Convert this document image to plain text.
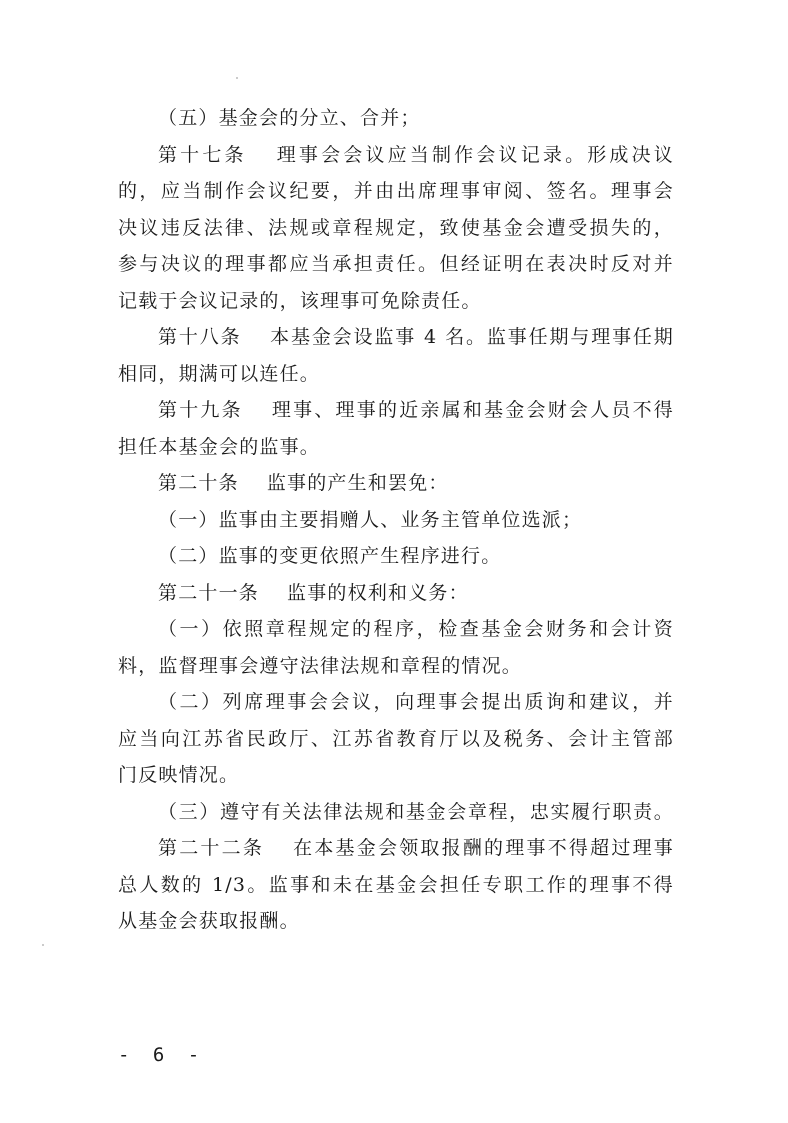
（五）基金会的分立、合并；
第十七条 理事会会议应当制作会议记录。形成决议
的，应当制作会议纪要，并由出席理事审阅、签名。理事会
决议违反法律、法规或章程规定，致使基金会遭受损失的，
参与决议的理事都应当承担责任。但经证明在表决时反对并
记载于会议记录的，该理事可免除责任。
第十八条 本基金会设监事 4 名。监事任期与理事任期
相同，期满可以连任。
第十九条 理事、理事的近亲属和基金会财会人员不得
担任本基金会的监事。
第二十条 监事的产生和罢免：
（一）监事由主要捐赠人、业务主管单位选派；
（二）监事的变更依照产生程序进行。
第二十一条 监事的权利和义务：
（一）依照章程规定的程序，检查基金会财务和会计资
料，监督理事会遵守法律法规和章程的情况。
（二）列席理事会会议，向理事会提出质询和建议，并
应当向江苏省民政厅、江苏省教育厅以及税务、会计主管部
门反映情况。
（三）遵守有关法律法规和基金会章程，忠实履行职责。
第二十二条 在本基金会领取报酬的理事不得超过理事
总人数的 1/3。监事和未在基金会担任专职工作的理事不得
从基金会获取报酬。
- 6 -
